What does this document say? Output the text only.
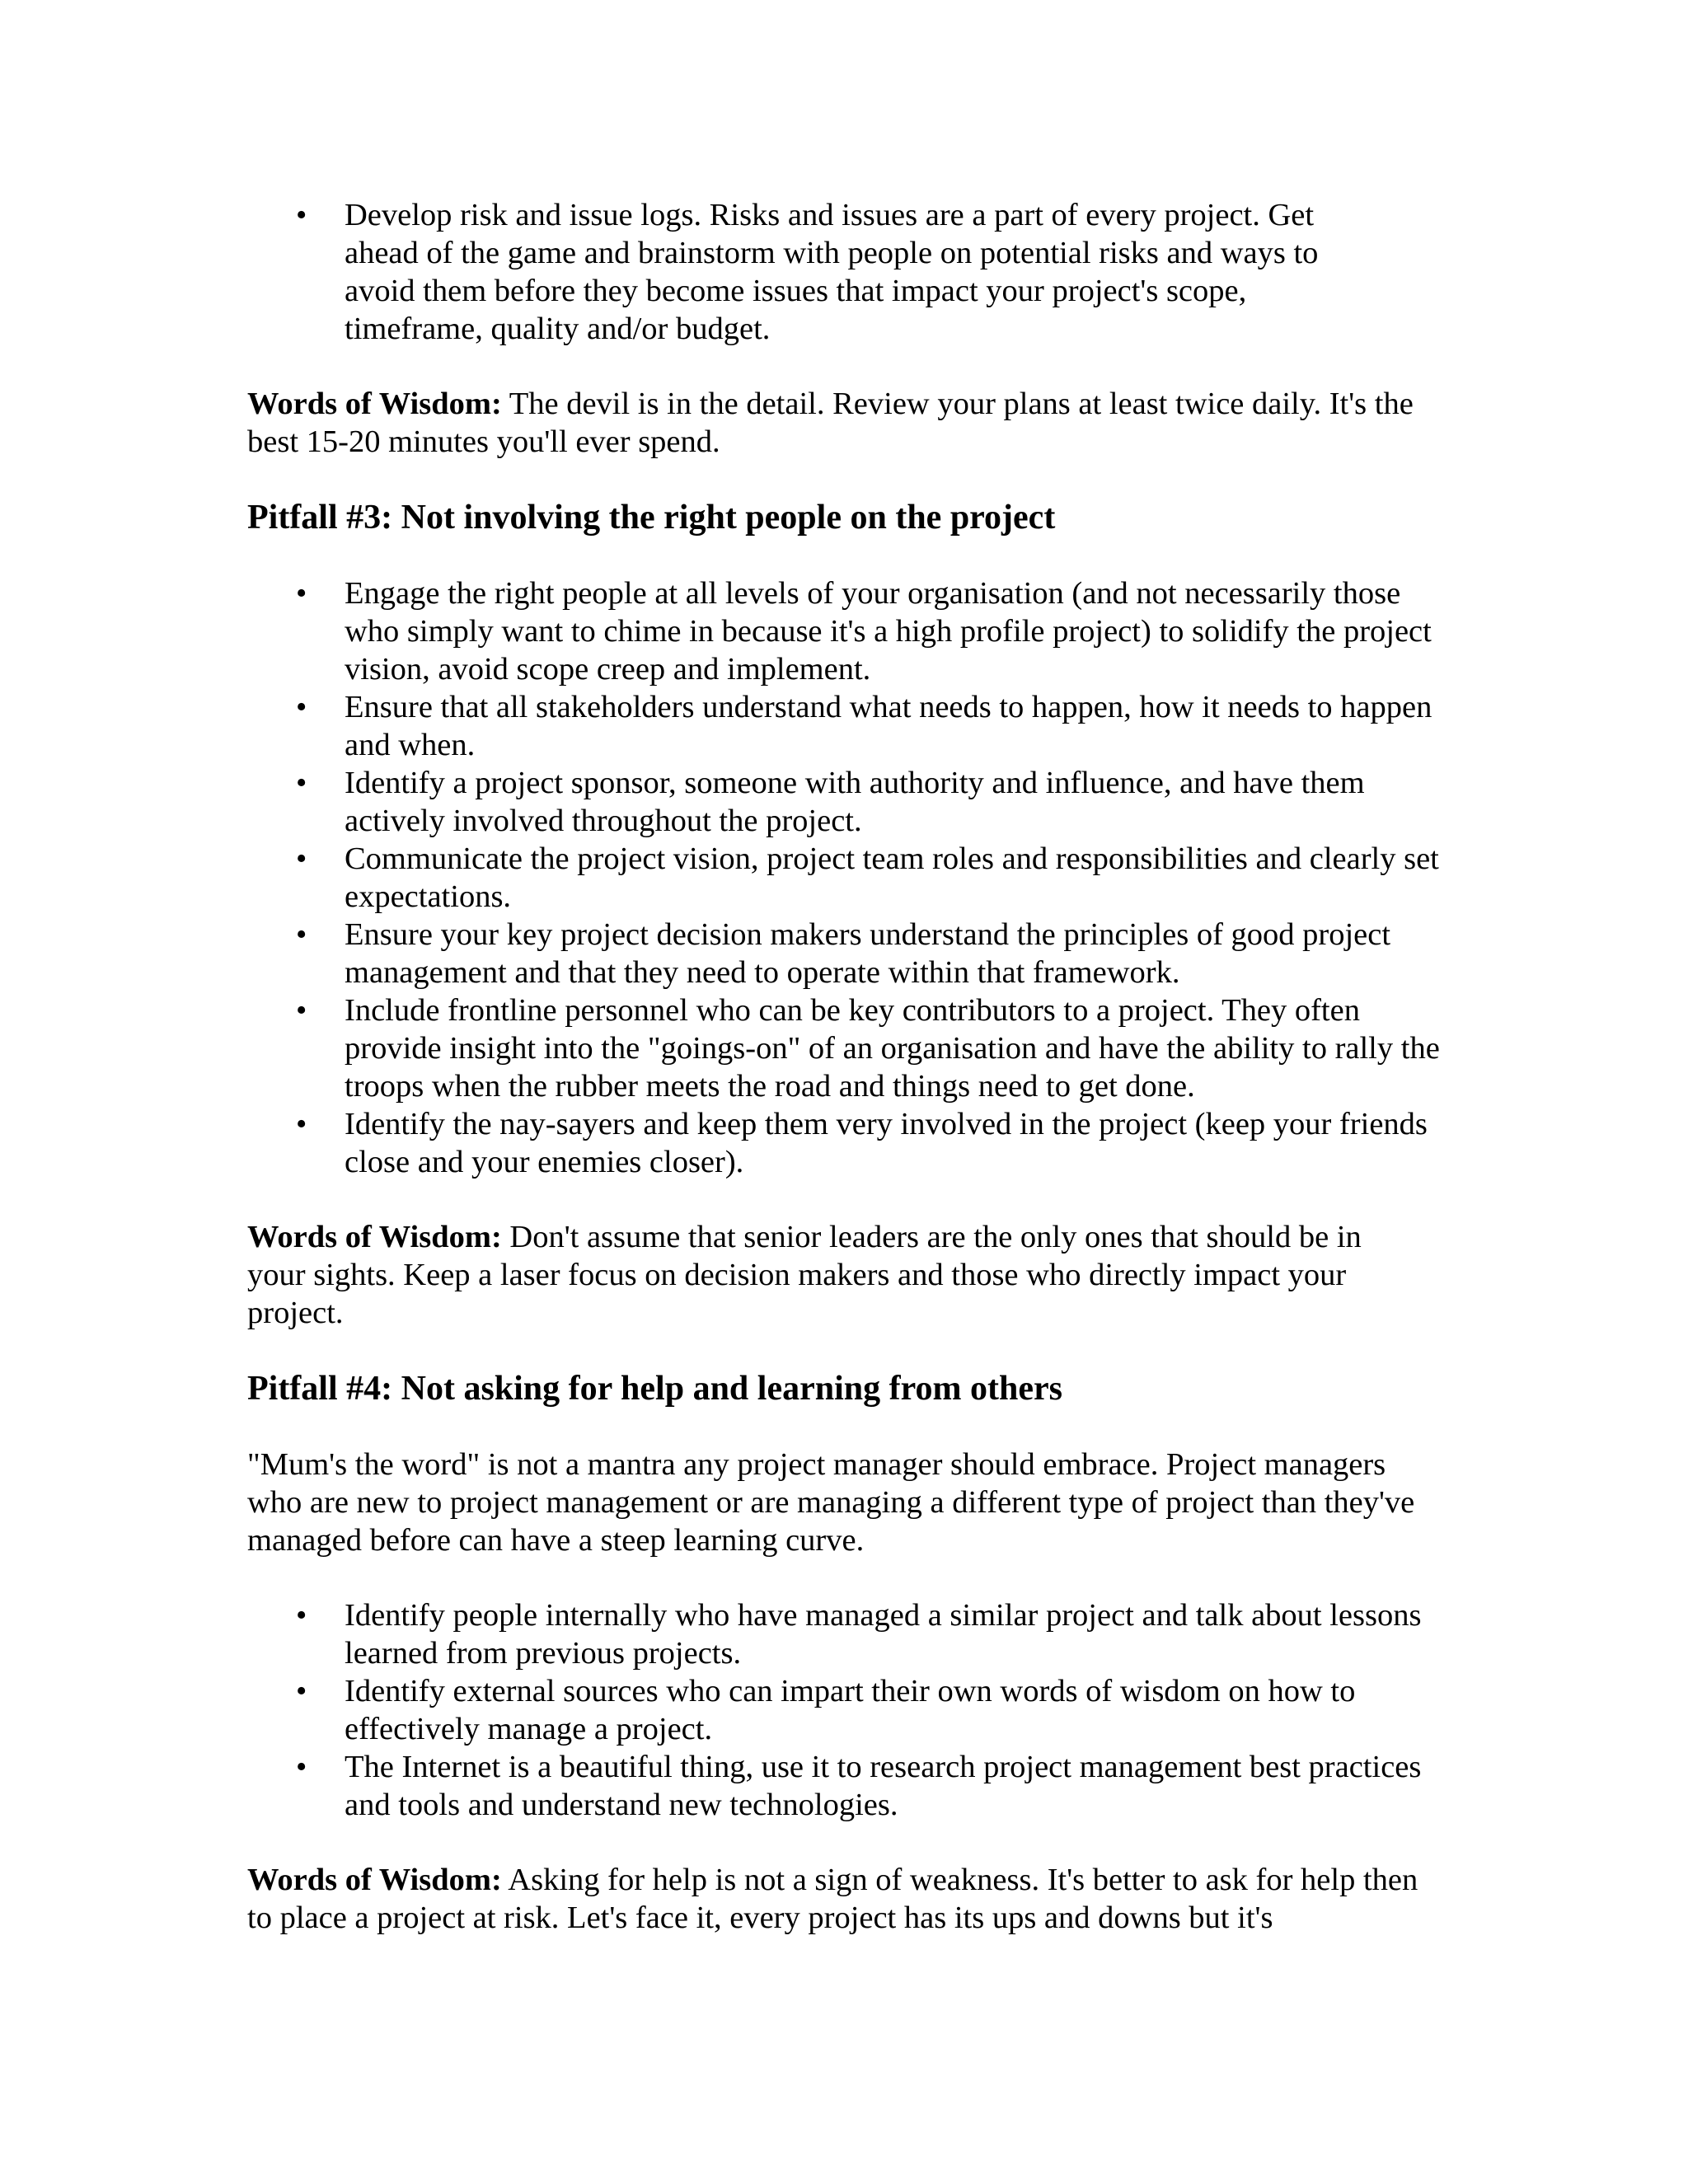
• Develop risk and issue logs. Risks and issues are a part of every project. Get ahead of the game and brainstorm with people on potential risks and ways to avoid them before they become issues that impact your project's scope, timeframe, quality and/or budget.

Words of Wisdom: The devil is in the detail. Review your plans at least twice daily. It's the best 15-20 minutes you'll ever spend.

Pitfall #3: Not involving the right people on the project
• Engage the right people at all levels of your organisation (and not necessarily those who simply want to chime in because it's a high profile project) to solidify the project vision, avoid scope creep and implement.
• Ensure that all stakeholders understand what needs to happen, how it needs to happen and when.
• Identify a project sponsor, someone with authority and influence, and have them actively involved throughout the project.
• Communicate the project vision, project team roles and responsibilities and clearly set expectations.
• Ensure your key project decision makers understand the principles of good project management and that they need to operate within that framework.
• Include frontline personnel who can be key contributors to a project. They often provide insight into the "goings-on" of an organisation and have the ability to rally the troops when the rubber meets the road and things need to get done.
• Identify the nay-sayers and keep them very involved in the project (keep your friends close and your enemies closer).

Words of Wisdom: Don't assume that senior leaders are the only ones that should be in your sights. Keep a laser focus on decision makers and those who directly impact your project.

Pitfall #4: Not asking for help and learning from others

"Mum's the word" is not a mantra any project manager should embrace. Project managers who are new to project management or are managing a different type of project than they've managed before can have a steep learning curve.

• Identify people internally who have managed a similar project and talk about lessons learned from previous projects.
• Identify external sources who can impart their own words of wisdom on how to effectively manage a project.
• The Internet is a beautiful thing, use it to research project management best practices and tools and understand new technologies.

Words of Wisdom: Asking for help is not a sign of weakness. It's better to ask for help then to place a project at risk. Let's face it, every project has its ups and downs but it's
